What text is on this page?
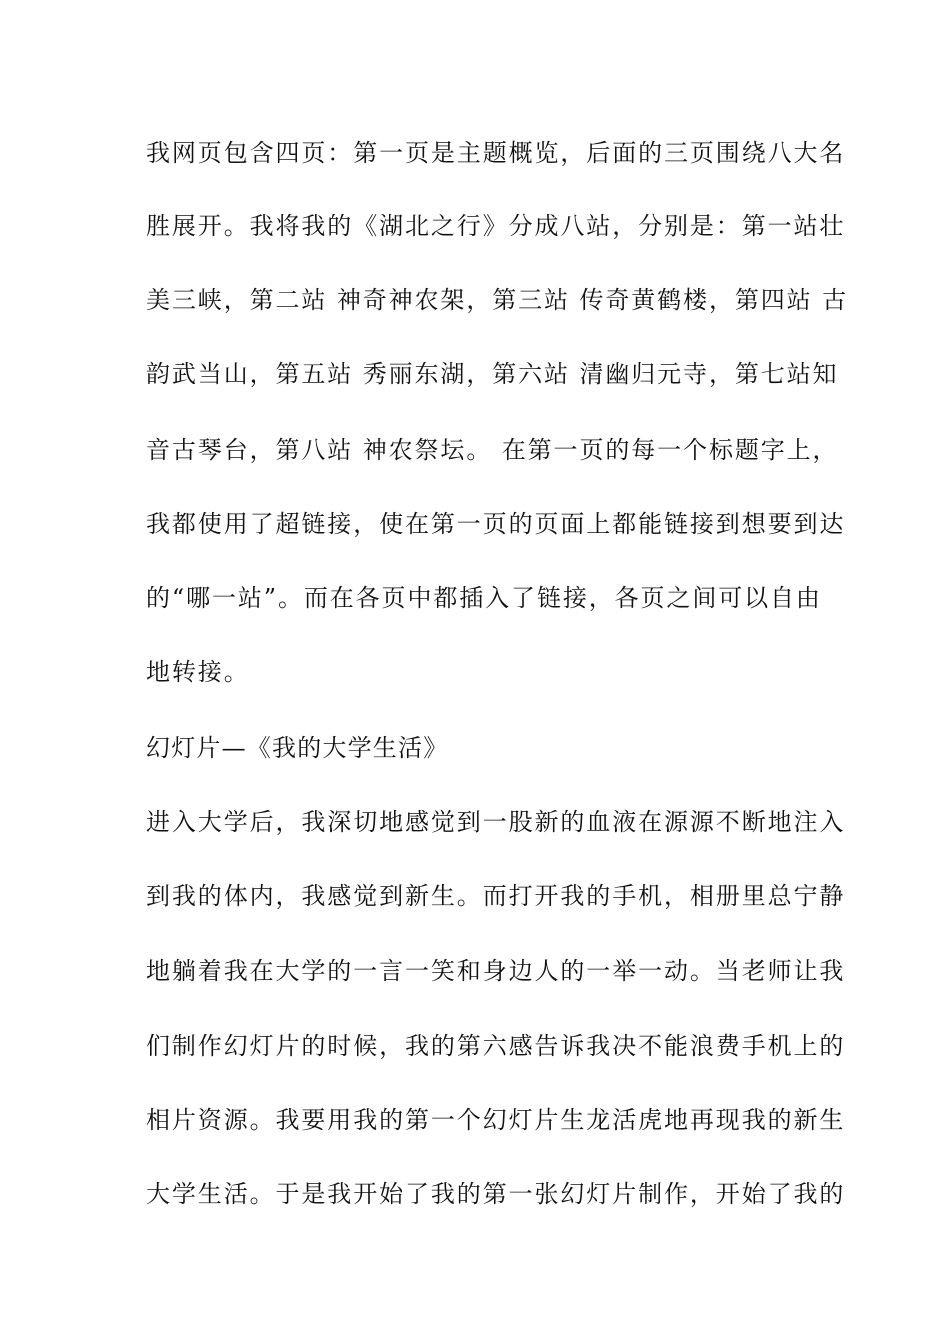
我网页包含四页：第一页是主题概览，后面的三页围绕八大名

胜展开。我将我的《湖北之行》分成八站，分别是：第一站壮

美三峡，第二站 神奇神农架，第三站 传奇黄鹤楼，第四站 古

韵武当山，第五站 秀丽东湖，第六站 清幽归元寺，第七站知

音古琴台，第八站 神农祭坛。 在第一页的每一个标题字上，

我都使用了超链接，使在第一页的页面上都能链接到想要到达

的“哪一站”。而在各页中都插入了链接，各页之间可以自由

地转接。

幻灯片—《我的大学生活》

进入大学后，我深切地感觉到一股新的血液在源源不断地注入

到我的体内，我感觉到新生。而打开我的手机，相册里总宁静

地躺着我在大学的一言一笑和身边人的一举一动。当老师让我

们制作幻灯片的时候，我的第六感告诉我决不能浪费手机上的

相片资源。我要用我的第一个幻灯片生龙活虎地再现我的新生

大学生活。于是我开始了我的第一张幻灯片制作，开始了我的
